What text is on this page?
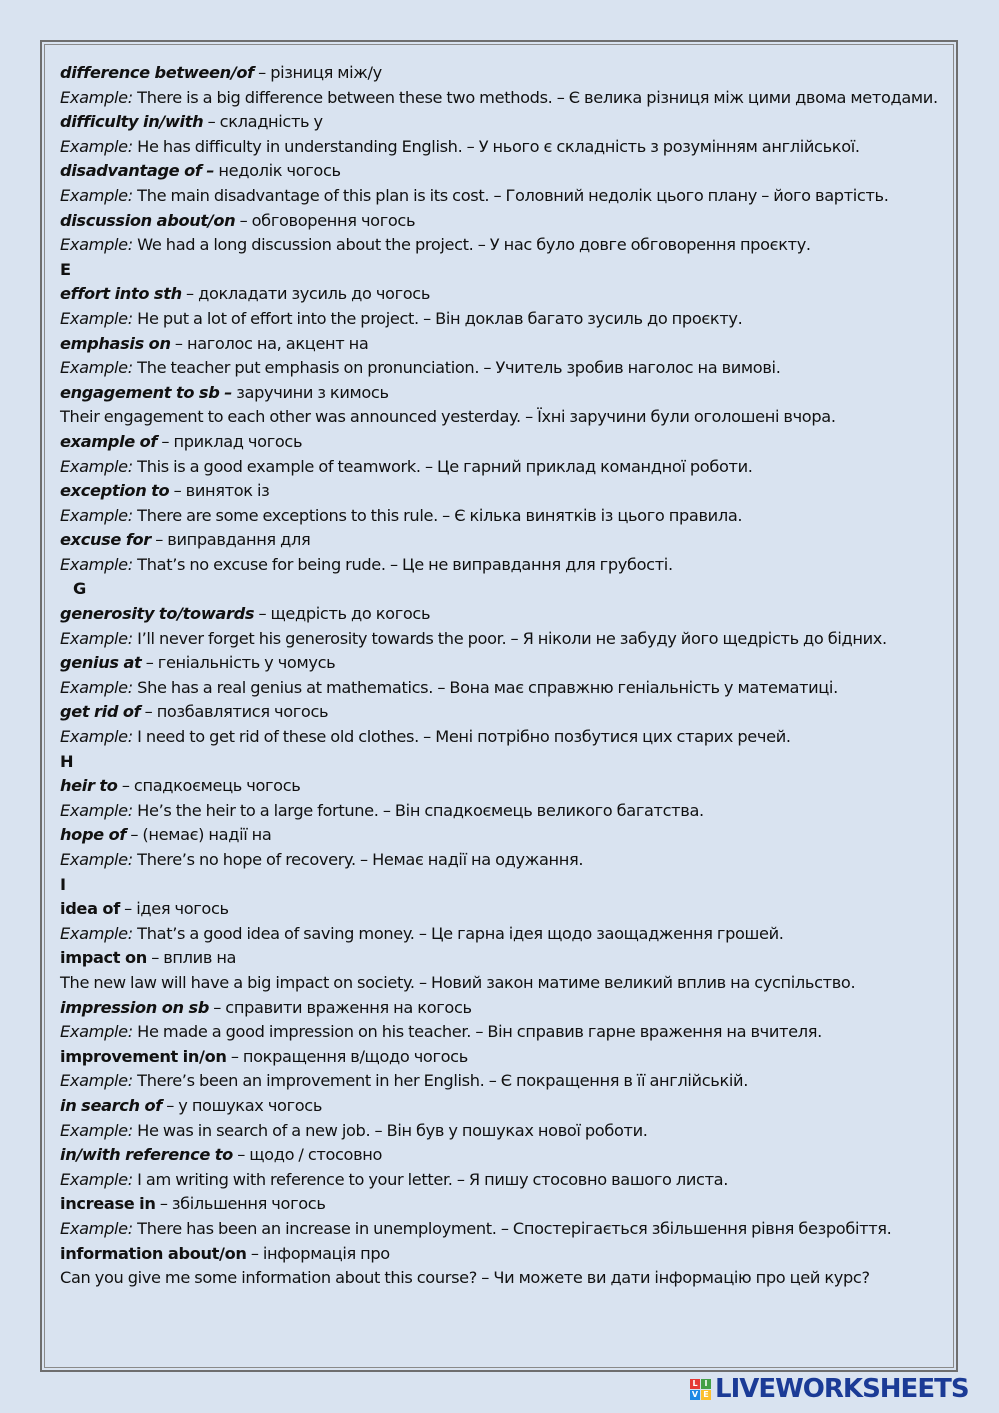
difference between/of – різниця між/у
Example: There is a big difference between these two methods. – Є велика різниця між цими двома методами.
difficulty in/with – складність у
Example: He has difficulty in understanding English. – У нього є складність з розумінням англійської.
disadvantage of – недолік чогось
Example: The main disadvantage of this plan is its cost. – Головний недолік цього плану – його вартість.
discussion about/on – обговорення чогось
Example: We had a long discussion about the project. – У нас було довге обговорення проєкту.
E
effort into sth – докладати зусиль до чогось
Example: He put a lot of effort into the project. – Він доклав багато зусиль до проєкту.
emphasis on – наголос на, акцент на
Example: The teacher put emphasis on pronunciation. – Учитель зробив наголос на вимові.
engagement to sb – заручини з кимось
Their engagement to each other was announced yesterday. – Їхні заручини були оголошені вчора.
example of – приклад чогось
Example: This is a good example of teamwork. – Це гарний приклад командної роботи.
exception to – виняток із
Example: There are some exceptions to this rule. – Є кілька винятків із цього правила.
excuse for – виправдання для
Example: That’s no excuse for being rude. – Це не виправдання для грубості.
G
generosity to/towards – щедрість до когось
Example: I’ll never forget his generosity towards the poor. – Я ніколи не забуду його щедрість до бідних.
genius at – геніальність у чомусь
Example: She has a real genius at mathematics. – Вона має справжню геніальність у математиці.
get rid of – позбавлятися чогось
Example: I need to get rid of these old clothes. – Мені потрібно позбутися цих старих речей.
H
heir to – спадкоємець чогось
Example: He’s the heir to a large fortune. – Він спадкоємець великого багатства.
hope of – (немає) надії на
Example: There’s no hope of recovery. – Немає надії на одужання.
I
idea of – ідея чогось
Example: That’s a good idea of saving money. – Це гарна ідея щодо заощадження грошей.
impact on – вплив на
The new law will have a big impact on society. – Новий закон матиме великий вплив на суспільство.
impression on sb – справити враження на когось
Example: He made a good impression on his teacher. – Він справив гарне враження на вчителя.
improvement in/on – покращення в/щодо чогось
Example: There’s been an improvement in her English. – Є покращення в її англійській.
in search of – у пошуках чогось
Example: He was in search of a new job. – Він був у пошуках нової роботи.
in/with reference to – щодо / стосовно
Example: I am writing with reference to your letter. – Я пишу стосовно вашого листа.
increase in – збільшення чогось
Example: There has been an increase in unemployment. – Спостерігається збільшення рівня безробіття.
information about/on – інформація про
Can you give me some information about this course? – Чи можете ви дати інформацію про цей курс?
L I
V E LIVEWORKSHEETS
